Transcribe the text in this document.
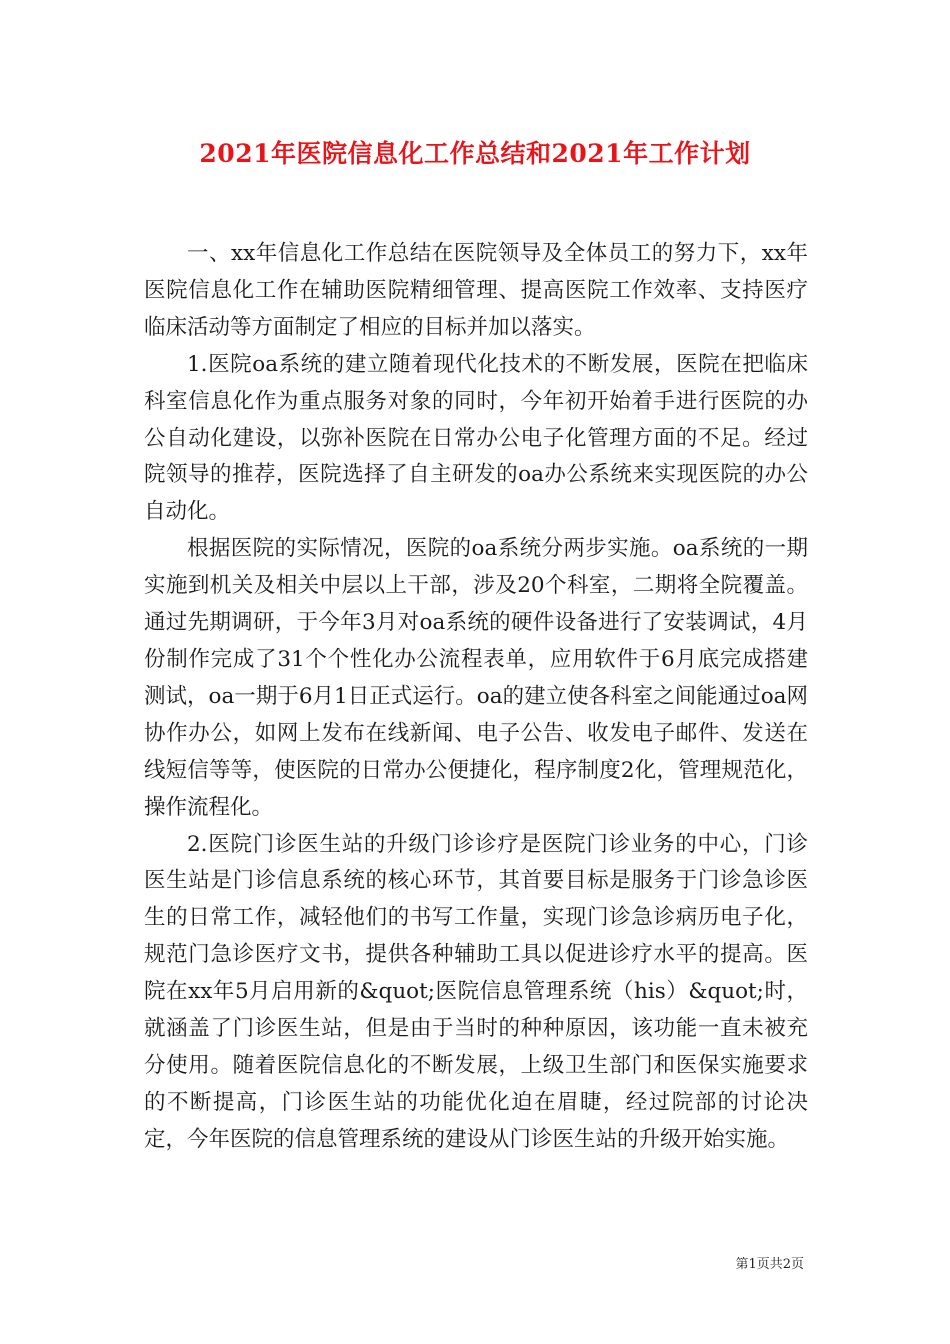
2021年医院信息化工作总结和2021年工作计划

一、xx年信息化工作总结在医院领导及全体员工的努力下，xx年医院信息化工作在辅助医院精细管理、提高医院工作效率、支持医疗临床活动等方面制定了相应的目标并加以落实。

1.医院oa系统的建立随着现代化技术的不断发展，医院在把临床科室信息化作为重点服务对象的同时，今年初开始着手进行医院的办公自动化建设，以弥补医院在日常办公电子化管理方面的不足。经过院领导的推荐，医院选择了自主研发的oa办公系统来实现医院的办公自动化。

根据医院的实际情况，医院的oa系统分两步实施。oa系统的一期实施到机关及相关中层以上干部，涉及20个科室，二期将全院覆盖。通过先期调研，于今年3月对oa系统的硬件设备进行了安装调试，4月份制作完成了31个个性化办公流程表单，应用软件于6月底完成搭建测试，oa一期于6月1日正式运行。oa的建立使各科室之间能通过oa网协作办公，如网上发布在线新闻、电子公告、收发电子邮件、发送在线短信等等，使医院的日常办公便捷化，程序制度2化，管理规范化，操作流程化。

2.医院门诊医生站的升级门诊诊疗是医院门诊业务的中心，门诊医生站是门诊信息系统的核心环节，其首要目标是服务于门诊急诊医生的日常工作，减轻他们的书写工作量，实现门诊急诊病历电子化，规范门急诊医疗文书，提供各种辅助工具以促进诊疗水平的提高。医院在xx年5月启用新的&quot;医院信息管理系统（his）&quot;时，就涵盖了门诊医生站，但是由于当时的种种原因，该功能一直未被充分使用。随着医院信息化的不断发展，上级卫生部门和医保实施要求的不断提高，门诊医生站的功能优化迫在眉睫，经过院部的讨论决定，今年医院的信息管理系统的建设从门诊医生站的升级开始实施。

第1页共2页
